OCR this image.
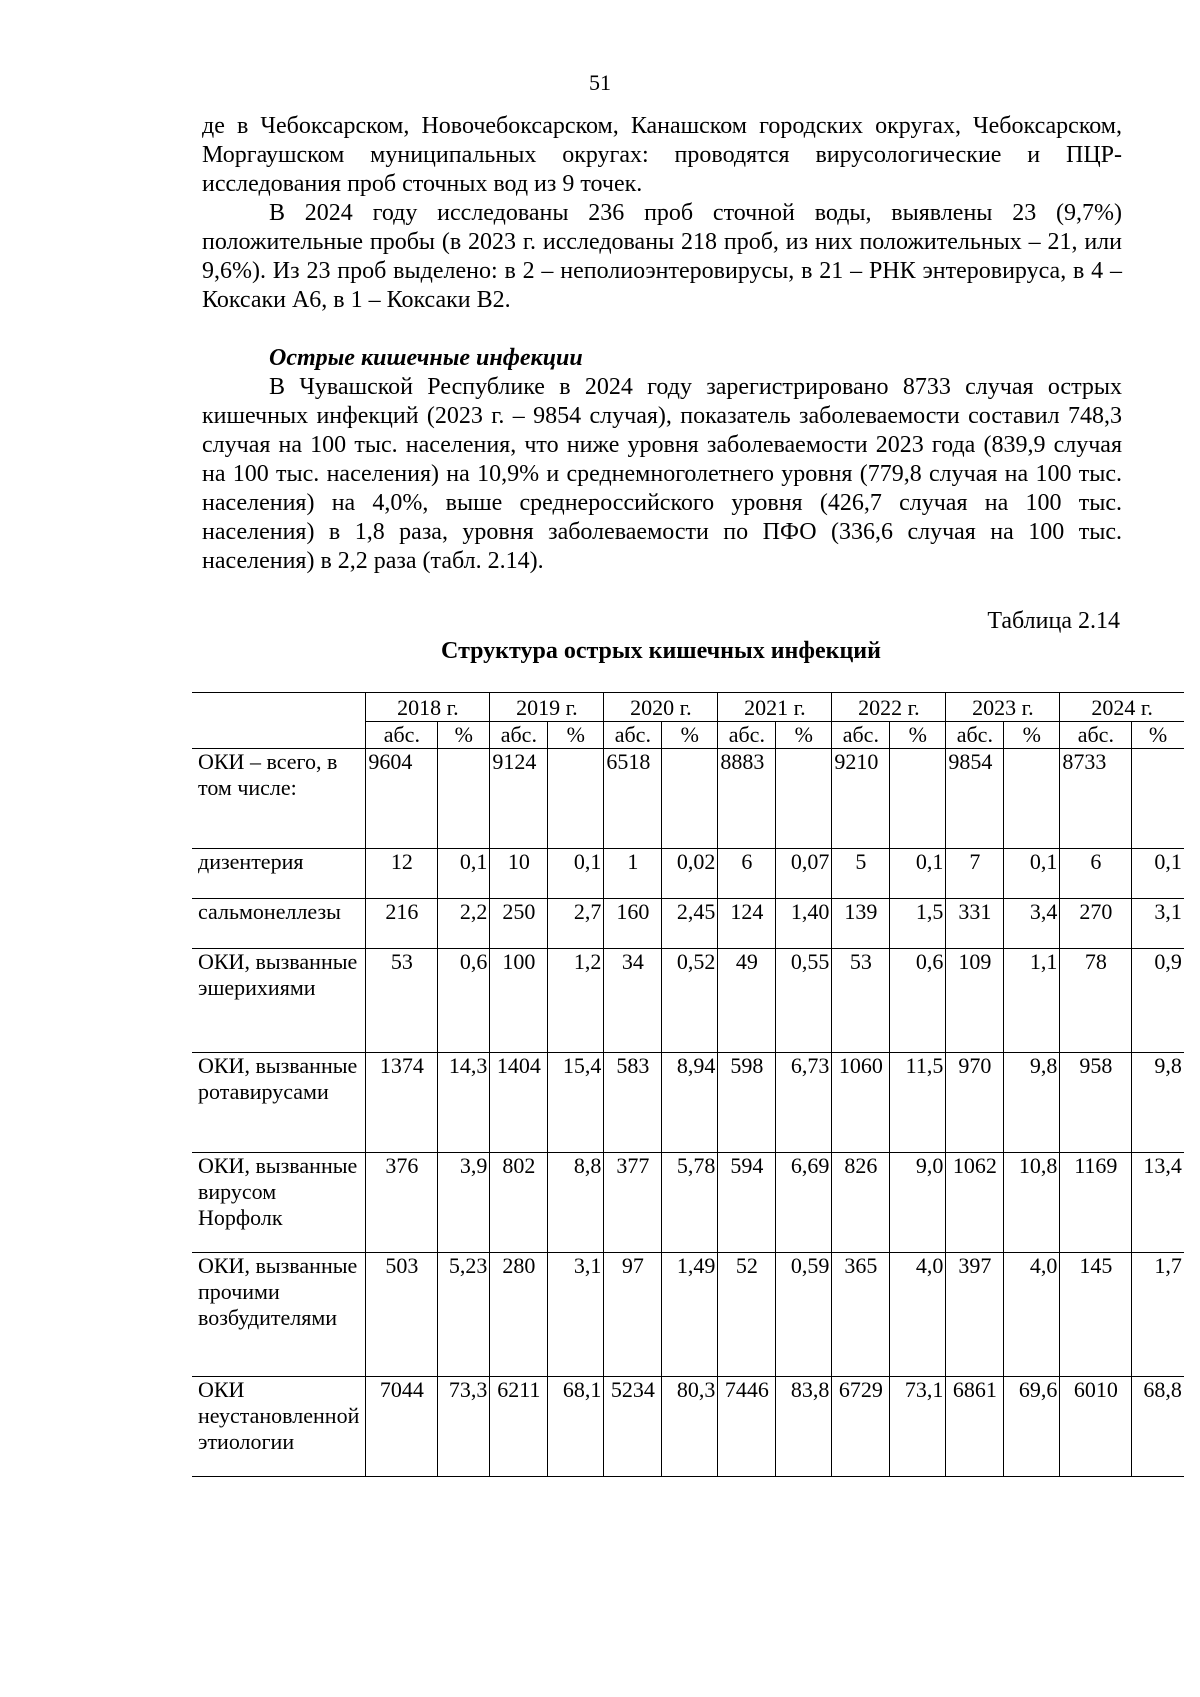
51

де в Чебоксарском, Новочебоксарском, Канашском городских округах, Чебоксарском, Моргаушском муниципальных округах: проводятся вирусологические и ПЦР-исследования проб сточных вод из 9 точек.

В 2024 году исследованы 236 проб сточной воды, выявлены 23 (9,7%) положительные пробы (в 2023 г. исследованы 218 проб, из них положительных – 21, или 9,6%). Из 23 проб выделено: в 2 – неполиоэнтеровирусы, в 21 – РНК энтеровируса, в 4 – Коксаки А6, в 1 – Коксаки В2.

Острые кишечные инфекции

В Чувашской Республике в 2024 году зарегистрировано 8733 случая острых кишечных инфекций (2023 г. – 9854 случая), показатель заболеваемости составил 748,3 случая на 100 тыс. населения, что ниже уровня заболеваемости 2023 года (839,9 случая на 100 тыс. населения) на 10,9% и среднемноголетнего уровня (779,8 случая на 100 тыс. населения) на 4,0%, выше среднероссийского уровня (426,7 случая на 100 тыс. населения) в 1,8 раза, уровня заболеваемости по ПФО (336,6 случая на 100 тыс. населения) в 2,2 раза (табл. 2.14).

Таблица 2.14
Структура острых кишечных инфекций
	2018 г.		2019 г.		2020 г.		2021 г.		2022 г.		2023 г.		2024 г.	
	абс.	%	абс.	%	абс.	%	абс.	%	абс.	%	абс.	%	абс.	%
ОКИ – всего, в том числе:	9604		9124		6518		8883		9210		9854		8733	
дизентерия	12	0,1	10	0,1	1	0,02	6	0,07	5	0,1	7	0,1	6	0,1
сальмонеллезы	216	2,2	250	2,7	160	2,45	124	1,40	139	1,5	331	3,4	270	3,1
ОКИ, вызванные эшерихиями	53	0,6	100	1,2	34	0,52	49	0,55	53	0,6	109	1,1	78	0,9
ОКИ, вызванные ротавирусами	1374	14,3	1404	15,4	583	8,94	598	6,73	1060	11,5	970	9,8	958	9,8
ОКИ, вызванные вирусом Норфолк	376	3,9	802	8,8	377	5,78	594	6,69	826	9,0	1062	10,8	1169	13,4
ОКИ, вызванные прочими возбудителями	503	5,23	280	3,1	97	1,49	52	0,59	365	4,0	397	4,0	145	1,7
ОКИ неустановленной этиологии	7044	73,3	6211	68,1	5234	80,3	7446	83,8	6729	73,1	6861	69,6	6010	68,8
